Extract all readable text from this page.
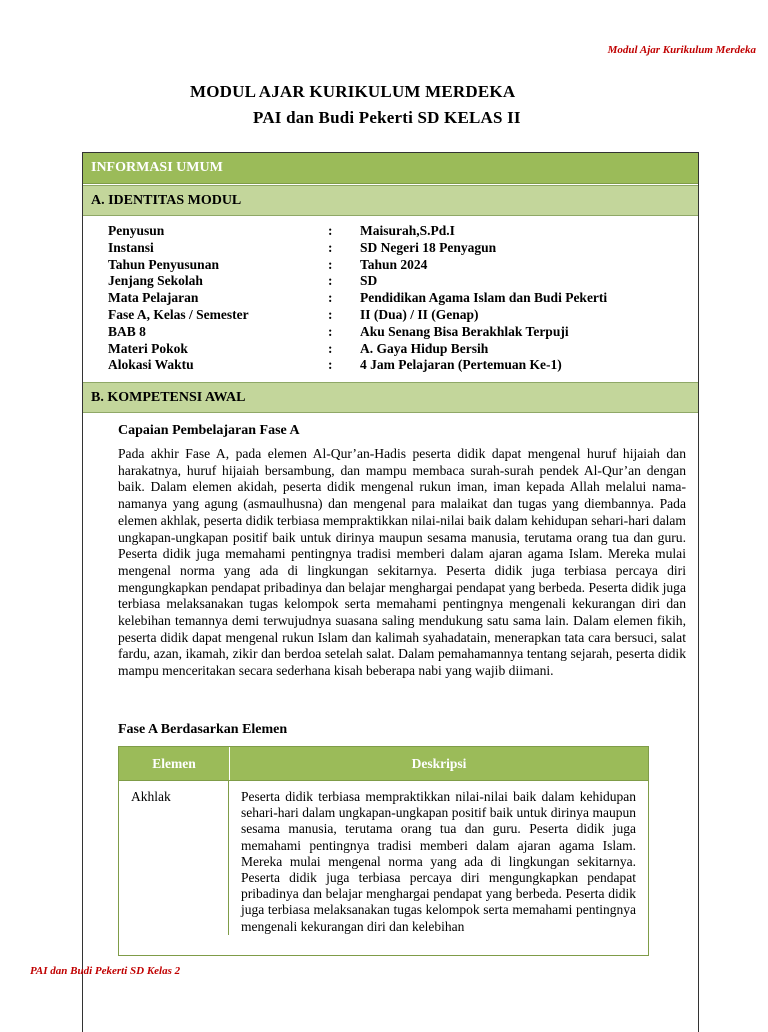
Modul Ajar Kurikulum Merdeka
MODUL AJAR KURIKULUM MERDEKA
PAI dan Budi Pekerti SD KELAS II
INFORMASI UMUM
A. IDENTITAS MODUL
Penyusun	:	Maisurah,S.Pd.I
Instansi	:	SD Negeri 18 Penyagun
Tahun Penyusunan	:	Tahun 2024
Jenjang Sekolah	:	SD
Mata Pelajaran	:	Pendidikan Agama Islam dan Budi Pekerti
Fase A, Kelas / Semester	:	II (Dua) / II (Genap)
BAB 8	:	Aku Senang Bisa Berakhlak Terpuji
Materi Pokok	:	A. Gaya Hidup Bersih
Alokasi Waktu	:	4 Jam Pelajaran (Pertemuan Ke-1)
B. KOMPETENSI AWAL
Capaian Pembelajaran Fase A
Pada akhir Fase A, pada elemen Al-Qur’an-Hadis peserta didik dapat mengenal huruf hijaiah dan harakatnya, huruf hijaiah bersambung, dan mampu membaca surah-surah pendek Al-Qur’an dengan baik. Dalam elemen akidah, peserta didik mengenal rukun iman, iman kepada Allah melalui nama-namanya yang agung (asmaulhusna) dan mengenal para malaikat dan tugas yang diembannya. Pada elemen akhlak, peserta didik terbiasa mempraktikkan nilai-nilai baik dalam kehidupan sehari-hari dalam ungkapan-ungkapan positif baik untuk dirinya maupun sesama manusia, terutama orang tua dan guru. Peserta didik juga memahami pentingnya tradisi memberi dalam ajaran agama Islam. Mereka mulai mengenal norma yang ada di lingkungan sekitarnya. Peserta didik juga terbiasa percaya diri mengungkapkan pendapat pribadinya dan belajar menghargai pendapat yang berbeda. Peserta didik juga terbiasa melaksanakan tugas kelompok serta memahami pentingnya mengenali kekurangan diri dan kelebihan temannya demi terwujudnya suasana saling mendukung satu sama lain. Dalam elemen fikih, peserta didik dapat mengenal rukun Islam dan kalimah syahadatain, menerapkan tata cara bersuci, salat fardu, azan, ikamah, zikir dan berdoa setelah salat. Dalam pemahamannya tentang sejarah, peserta didik mampu menceritakan secara sederhana kisah beberapa nabi yang wajib diimani.
Fase A Berdasarkan Elemen
Elemen	Deskripsi
Akhlak	Peserta didik terbiasa mempraktikkan nilai-nilai baik dalam kehidupan sehari-hari dalam ungkapan-ungkapan positif baik untuk dirinya maupun sesama manusia, terutama orang tua dan guru. Peserta didik juga memahami pentingnya tradisi memberi dalam ajaran agama Islam. Mereka mulai mengenal norma yang ada di lingkungan sekitarnya. Peserta didik juga terbiasa percaya diri mengungkapkan pendapat pribadinya dan belajar menghargai pendapat yang berbeda. Peserta didik juga terbiasa melaksanakan tugas kelompok serta memahami pentingnya mengenali kekurangan diri dan kelebihan
PAI dan Budi Pekerti SD Kelas 2
